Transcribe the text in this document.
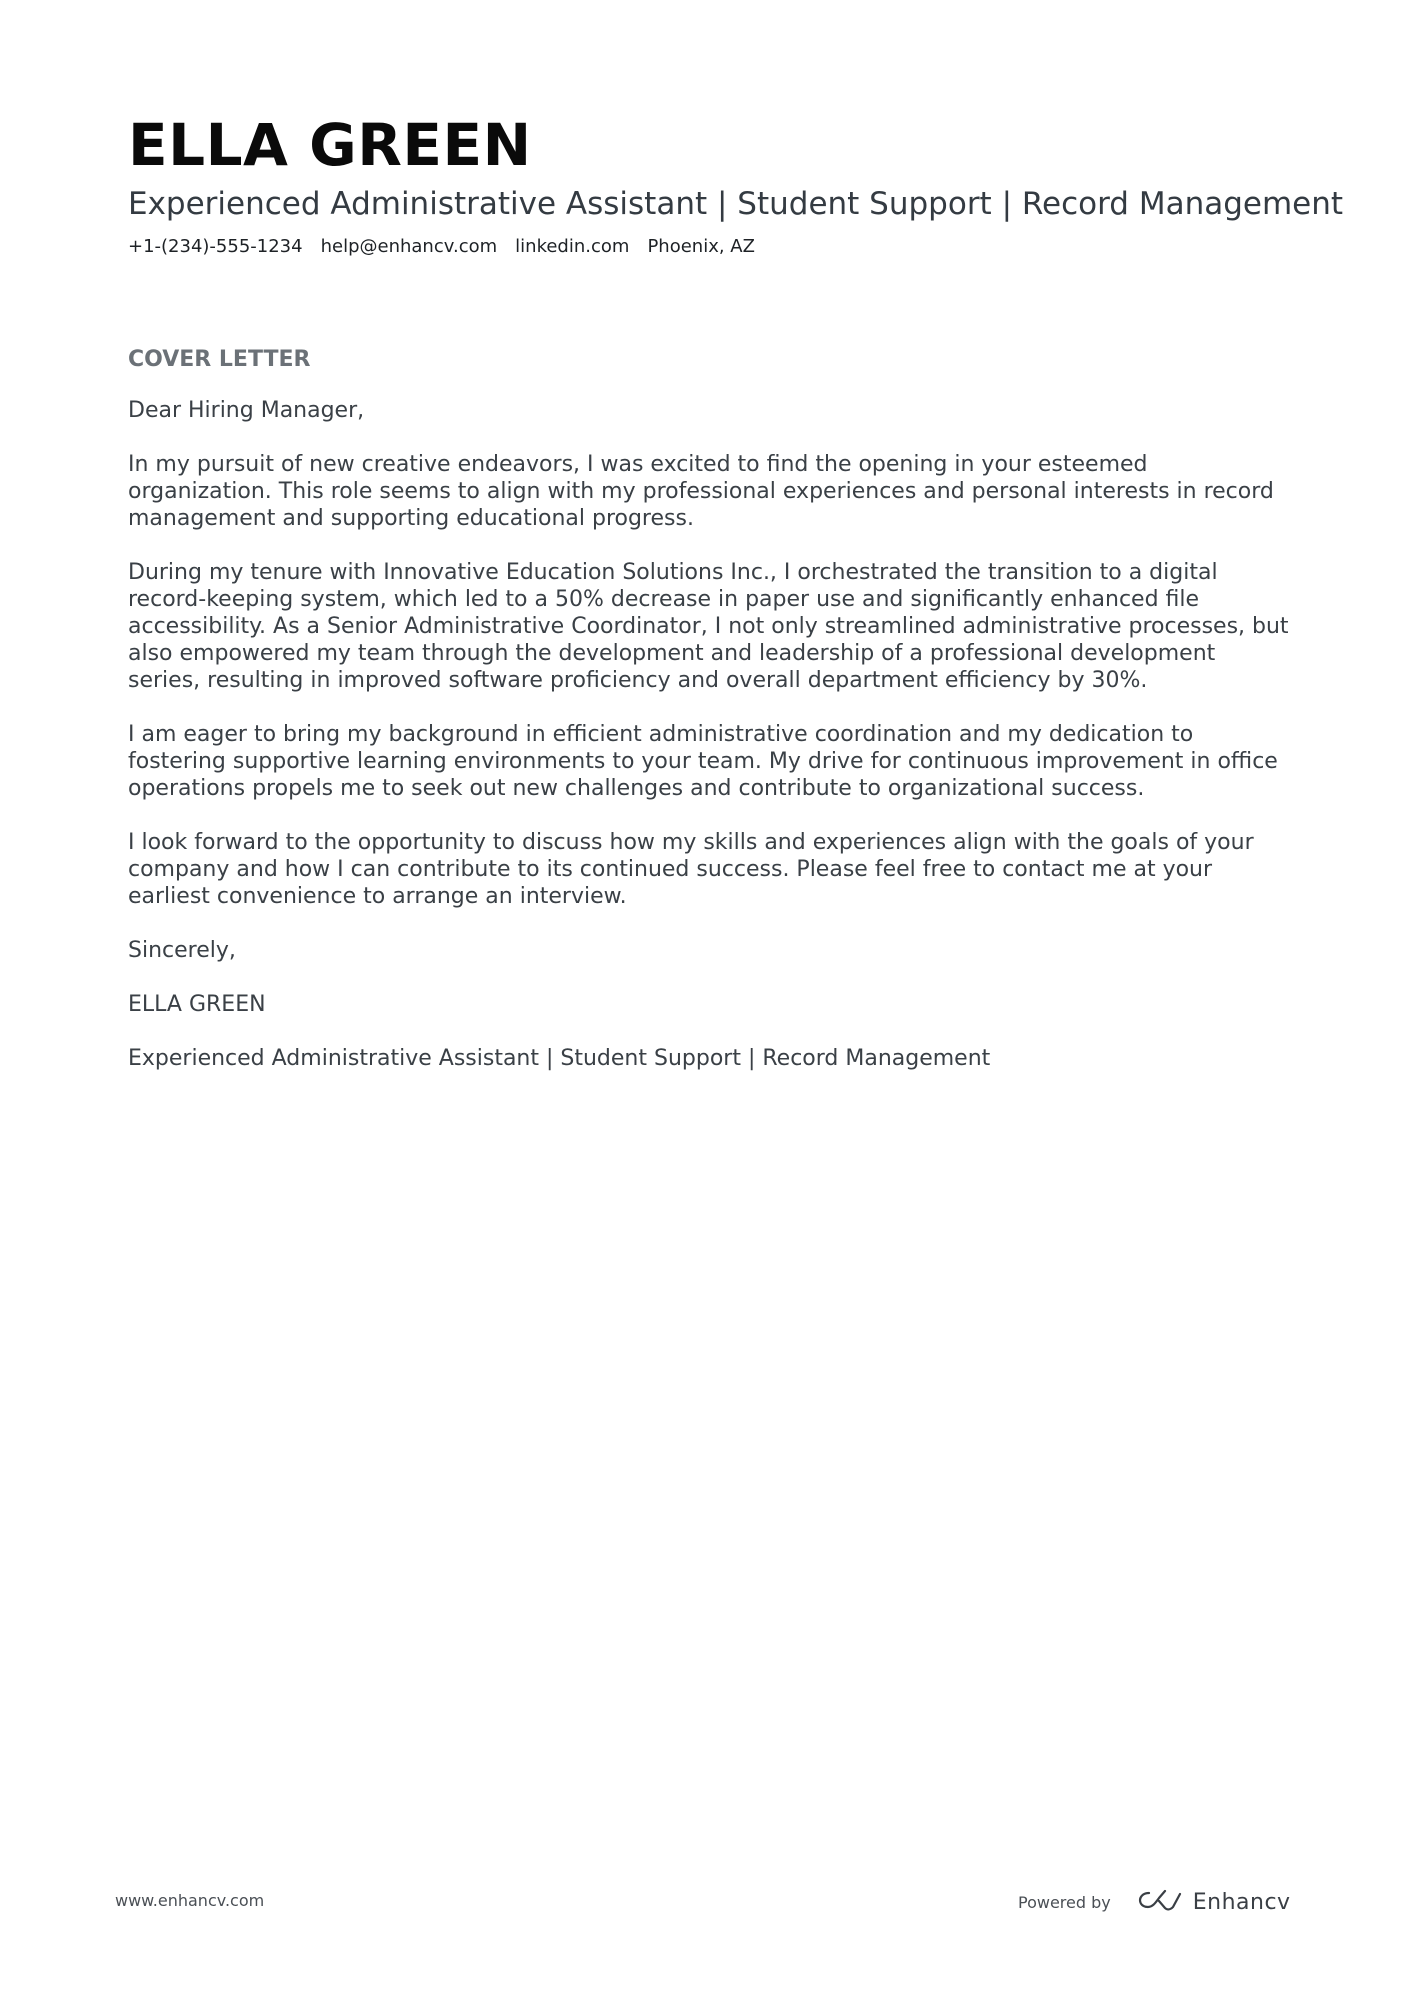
ELLA GREEN
Experienced Administrative Assistant | Student Support | Record Management
+1-(234)-555-1234 help@enhancv.com linkedin.com Phoenix, AZ
COVER LETTER

Dear Hiring Manager,

In my pursuit of new creative endeavors, I was excited to find the opening in your esteemed organization. This role seems to align with my professional experiences and personal interests in record management and supporting educational progress.

During my tenure with Innovative Education Solutions Inc., I orchestrated the transition to a digital record-keeping system, which led to a 50% decrease in paper use and significantly enhanced file accessibility. As a Senior Administrative Coordinator, I not only streamlined administrative processes, but also empowered my team through the development and leadership of a professional development series, resulting in improved software proficiency and overall department efficiency by 30%.

I am eager to bring my background in efficient administrative coordination and my dedication to fostering supportive learning environments to your team. My drive for continuous improvement in office operations propels me to seek out new challenges and contribute to organizational success.

I look forward to the opportunity to discuss how my skills and experiences align with the goals of your company and how I can contribute to its continued success. Please feel free to contact me at your earliest convenience to arrange an interview.

Sincerely,

ELLA GREEN

Experienced Administrative Assistant | Student Support | Record Management

www.enhancv.com	Powered by	Enhancv
